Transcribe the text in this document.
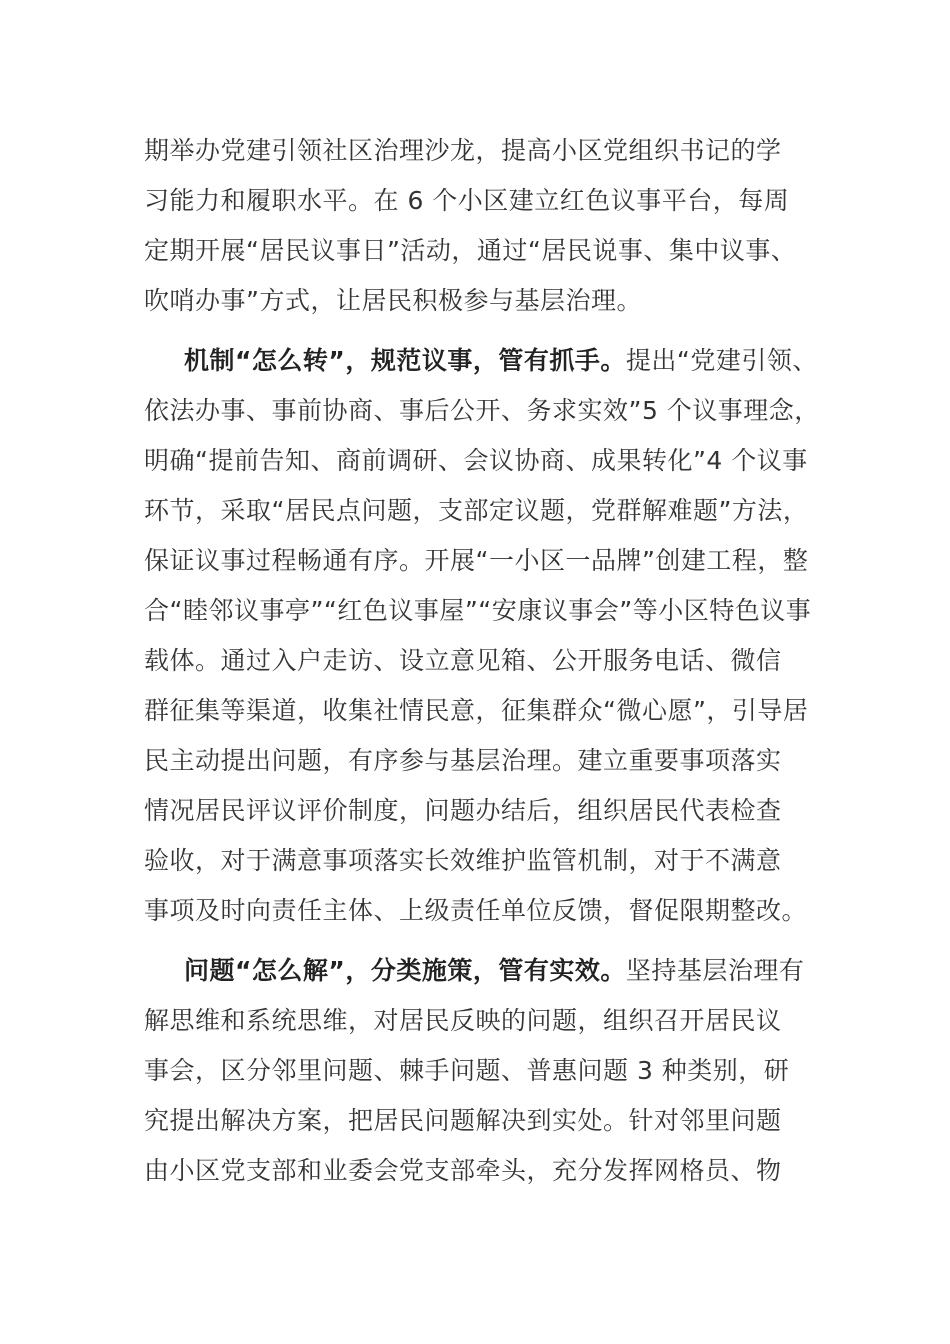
期举办党建引领社区治理沙龙，提高小区党组织书记的学
习能力和履职水平。在 6 个小区建立红色议事平台，每周
定期开展“居民议事日”活动，通过“居民说事、集中议事、
吹哨办事”方式，让居民积极参与基层治理。
机制“怎么转”，规范议事，管有抓手。提出“党建引领、
依法办事、事前协商、事后公开、务求实效”5 个议事理念，
明确“提前告知、商前调研、会议协商、成果转化”4 个议事
环节，采取“居民点问题，支部定议题，党群解难题”方法，
保证议事过程畅通有序。开展“一小区一品牌”创建工程，整
合“睦邻议事亭”“红色议事屋”“安康议事会”等小区特色议事
载体。通过入户走访、设立意见箱、公开服务电话、微信
群征集等渠道，收集社情民意，征集群众“微心愿”，引导居
民主动提出问题，有序参与基层治理。建立重要事项落实
情况居民评议评价制度，问题办结后，组织居民代表检查
验收，对于满意事项落实长效维护监管机制，对于不满意
事项及时向责任主体、上级责任单位反馈，督促限期整改。
问题“怎么解”，分类施策，管有实效。坚持基层治理有
解思维和系统思维，对居民反映的问题，组织召开居民议
事会，区分邻里问题、棘手问题、普惠问题 3 种类别，研
究提出解决方案，把居民问题解决到实处。针对邻里问题
由小区党支部和业委会党支部牵头，充分发挥网格员、物
